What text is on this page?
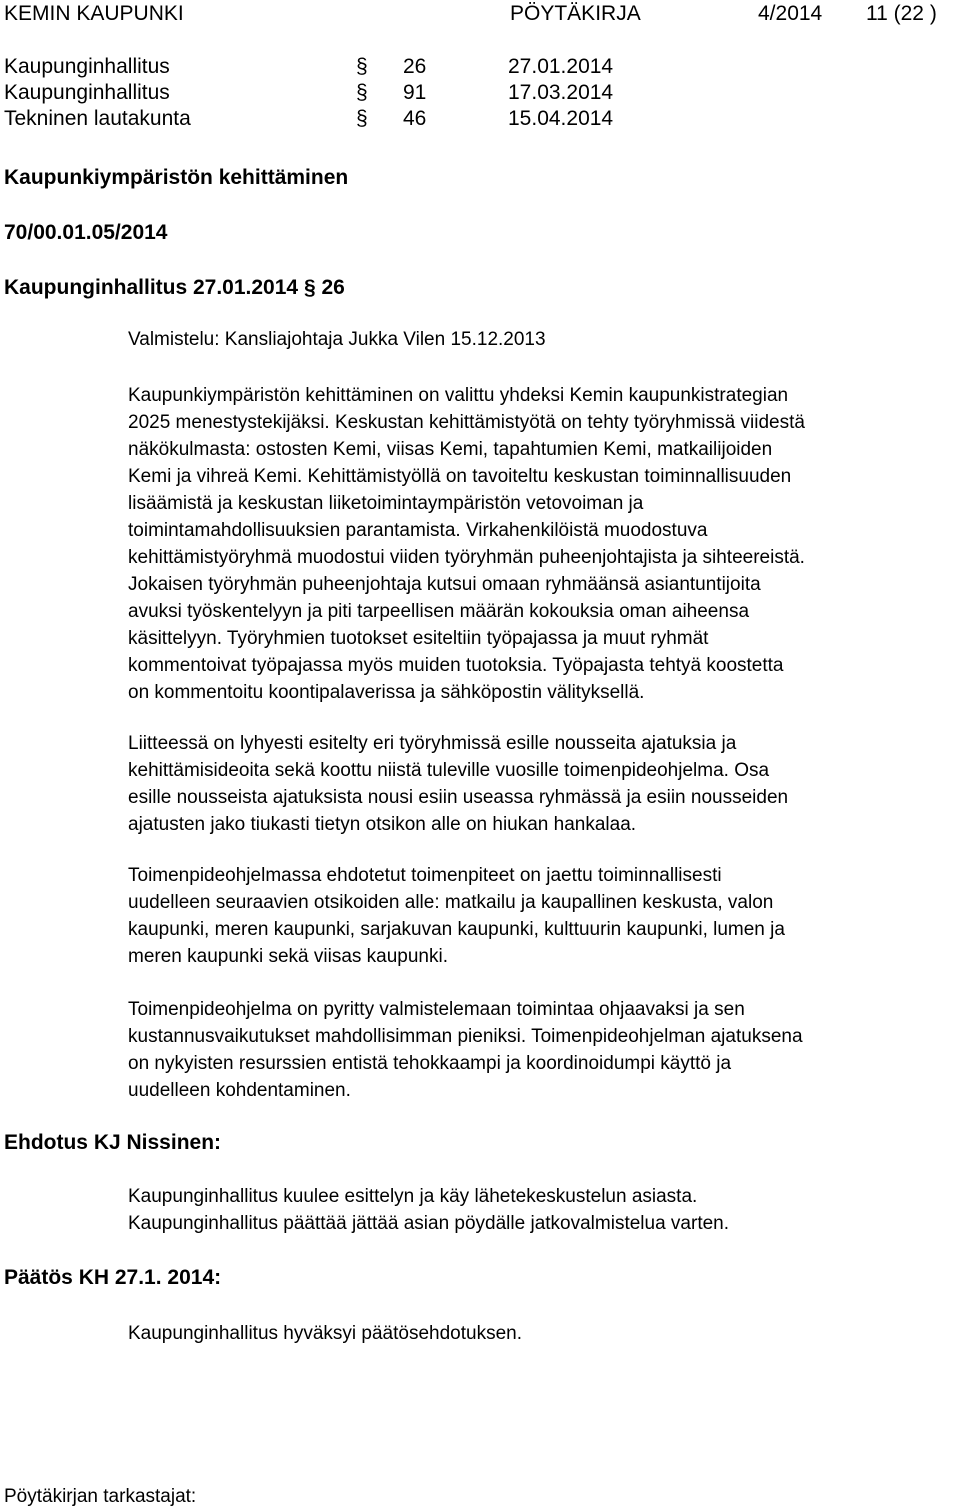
KEMIN KAUPUNKI	PÖYTÄKIRJA	4/2014 11 (22 )
Kaupunginhallitus	§ 26	27.01.2014
Kaupunginhallitus	§ 91	17.03.2014
Tekninen lautakunta	§ 46	15.04.2014
Kaupunkiympäristön kehittäminen
70/00.01.05/2014
Kaupunginhallitus 27.01.2014 § 26
Valmistelu: Kansliajohtaja Jukka Vilen 15.12.2013
Kaupunkiympäristön kehittäminen on valittu yhdeksi Kemin kaupunkistrategian
2025 menestystekijäksi. Keskustan kehittämistyötä on tehty työryhmissä viidestä
näkökulmasta: ostosten Kemi, viisas Kemi, tapahtumien Kemi, matkailijoiden
Kemi ja vihreä Kemi. Kehittämistyöllä on tavoiteltu keskustan toiminnallisuuden
lisäämistä ja keskustan liiketoimintaympäristön vetovoiman ja
toimintamahdollisuuksien parantamista. Virkahenkilöistä muodostuva
kehittämistyöryhmä muodostui viiden työryhmän puheenjohtajista ja sihteereistä.
Jokaisen työryhmän puheenjohtaja kutsui omaan ryhmäänsä asiantuntijoita
avuksi työskentelyyn ja piti tarpeellisen määrän kokouksia oman aiheensa
käsittelyyn. Työryhmien tuotokset esiteltiin työpajassa ja muut ryhmät
kommentoivat työpajassa myös muiden tuotoksia. Työpajasta tehtyä koostetta
on kommentoitu koontipalaverissa ja sähköpostin välityksellä.
Liitteessä on lyhyesti esitelty eri työryhmissä esille nousseita ajatuksia ja
kehittämisideoita sekä koottu niistä tuleville vuosille toimenpideohjelma. Osa
esille nousseista ajatuksista nousi esiin useassa ryhmässä ja esiin nousseiden
ajatusten jako tiukasti tietyn otsikon alle on hiukan hankalaa.
Toimenpideohjelmassa ehdotetut toimenpiteet on jaettu toiminnallisesti
uudelleen seuraavien otsikoiden alle: matkailu ja kaupallinen keskusta, valon
kaupunki, meren kaupunki, sarjakuvan kaupunki, kulttuurin kaupunki, lumen ja
meren kaupunki sekä viisas kaupunki.
Toimenpideohjelma on pyritty valmistelemaan toimintaa ohjaavaksi ja sen
kustannusvaikutukset mahdollisimman pieniksi. Toimenpideohjelman ajatuksena
on nykyisten resurssien entistä tehokkaampi ja koordinoidumpi käyttö ja
uudelleen kohdentaminen.
Ehdotus KJ Nissinen:
Kaupunginhallitus kuulee esittelyn ja käy lähetekeskustelun asiasta.
Kaupunginhallitus päättää jättää asian pöydälle jatkovalmistelua varten.
Päätös KH 27.1. 2014:
Kaupunginhallitus hyväksyi päätösehdotuksen.
Pöytäkirjan tarkastajat:
